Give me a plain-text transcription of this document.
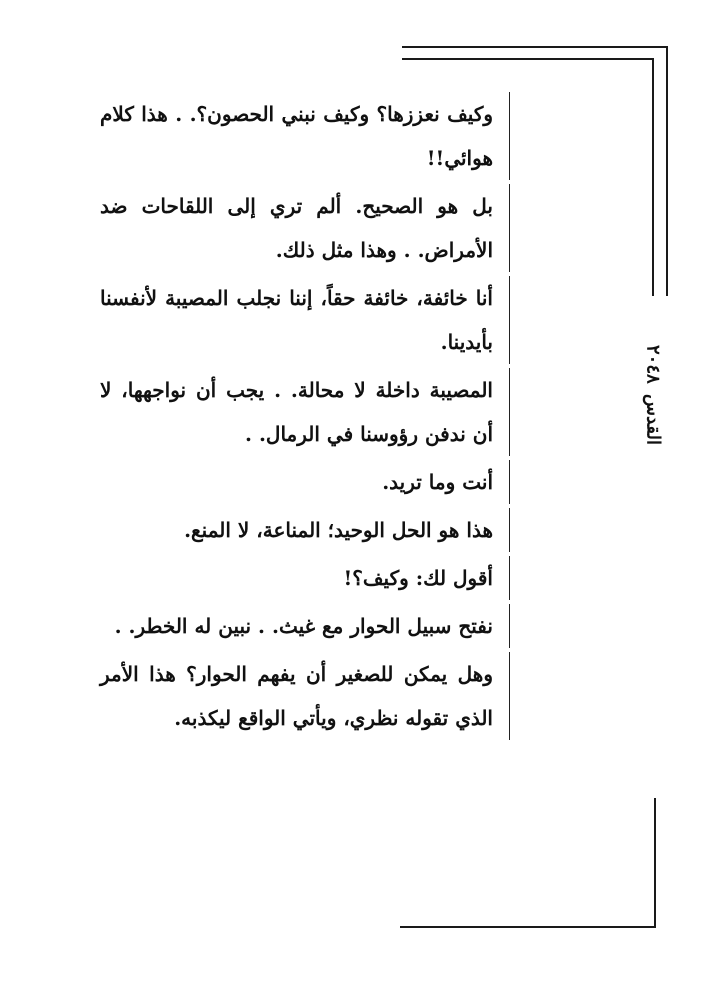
القدس
٢٠٤٨
وكيف نعززها؟ وكيف نبني الحصون؟. . هذا كلام هوائي!!
بل هو الصحيح. ألم تري إلى اللقاحات ضد الأمراض. . وهذا مثل ذلك.
أنا خائفة، خائفة حقاً، إننا نجلب المصيبة لأنفسنا بأيدينا.
المصيبة داخلة لا محالة. . يجب أن نواجهها، لا أن ندفن رؤوسنا في الرمال. .
أنت وما تريد.
هذا هو الحل الوحيد؛ المناعة، لا المنع.
أقول لك: وكيف؟!
نفتح سبيل الحوار مع غيث. . نبين له الخطر. .
وهل يمكن للصغير أن يفهم الحوار؟ هذا الأمر الذي تقوله نظري، ويأتي الواقع ليكذبه.
